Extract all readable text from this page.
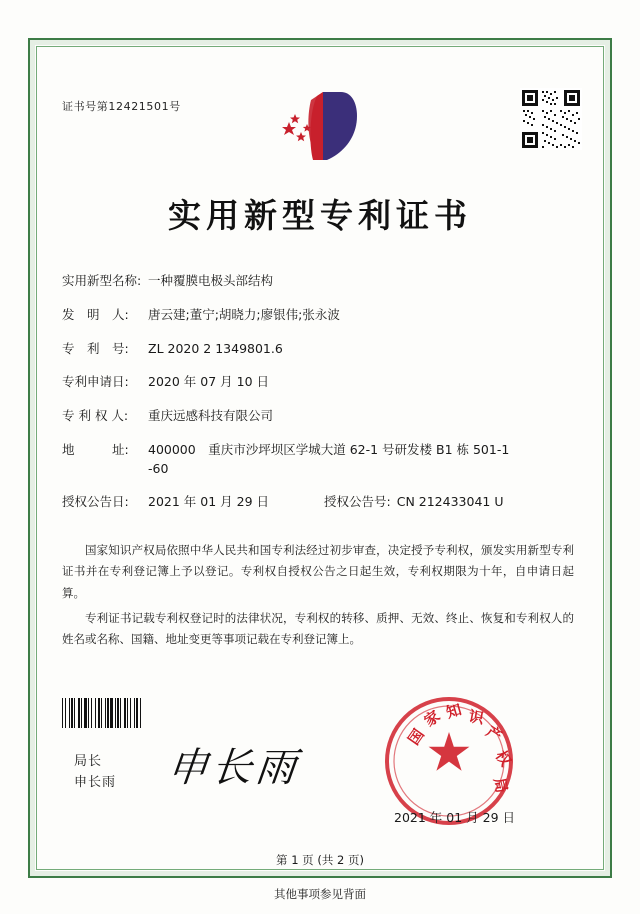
证书号第12421501号
实用新型专利证书
实用新型名称: 一种覆膜电极头部结构
发　明　人:	唐云建;董宁;胡晓力;廖银伟;张永波
专　利　号:	ZL 2020 2 1349801.6
专利申请日:	2020 年 07 月 10 日
专 利 权 人:	重庆远感科技有限公司
地　　　址:	400000　重庆市沙坪坝区学城大道 62-1 号研发楼 B1 栋 501-1
-60
授权公告日:	2021 年 01 月 29 日	授权公告号: CN 212433041 U

国家知识产权局依照中华人民共和国专利法经过初步审查，决定授予专利权，颁发实用新型专利证书并在专利登记簿上予以登记。专利权自授权公告之日起生效，专利权期限为十年，自申请日起算。

专利证书记载专利权登记时的法律状况，专利权的转移、质押、无效、终止、恢复和专利权人的姓名或名称、国籍、地址变更等事项记载在专利登记簿上。

局长
申长雨 申长雨
国
家 知 识
产
权
局
2021 年 01 月 29 日
第 1 页 (共 2 页)
其他事项参见背面
